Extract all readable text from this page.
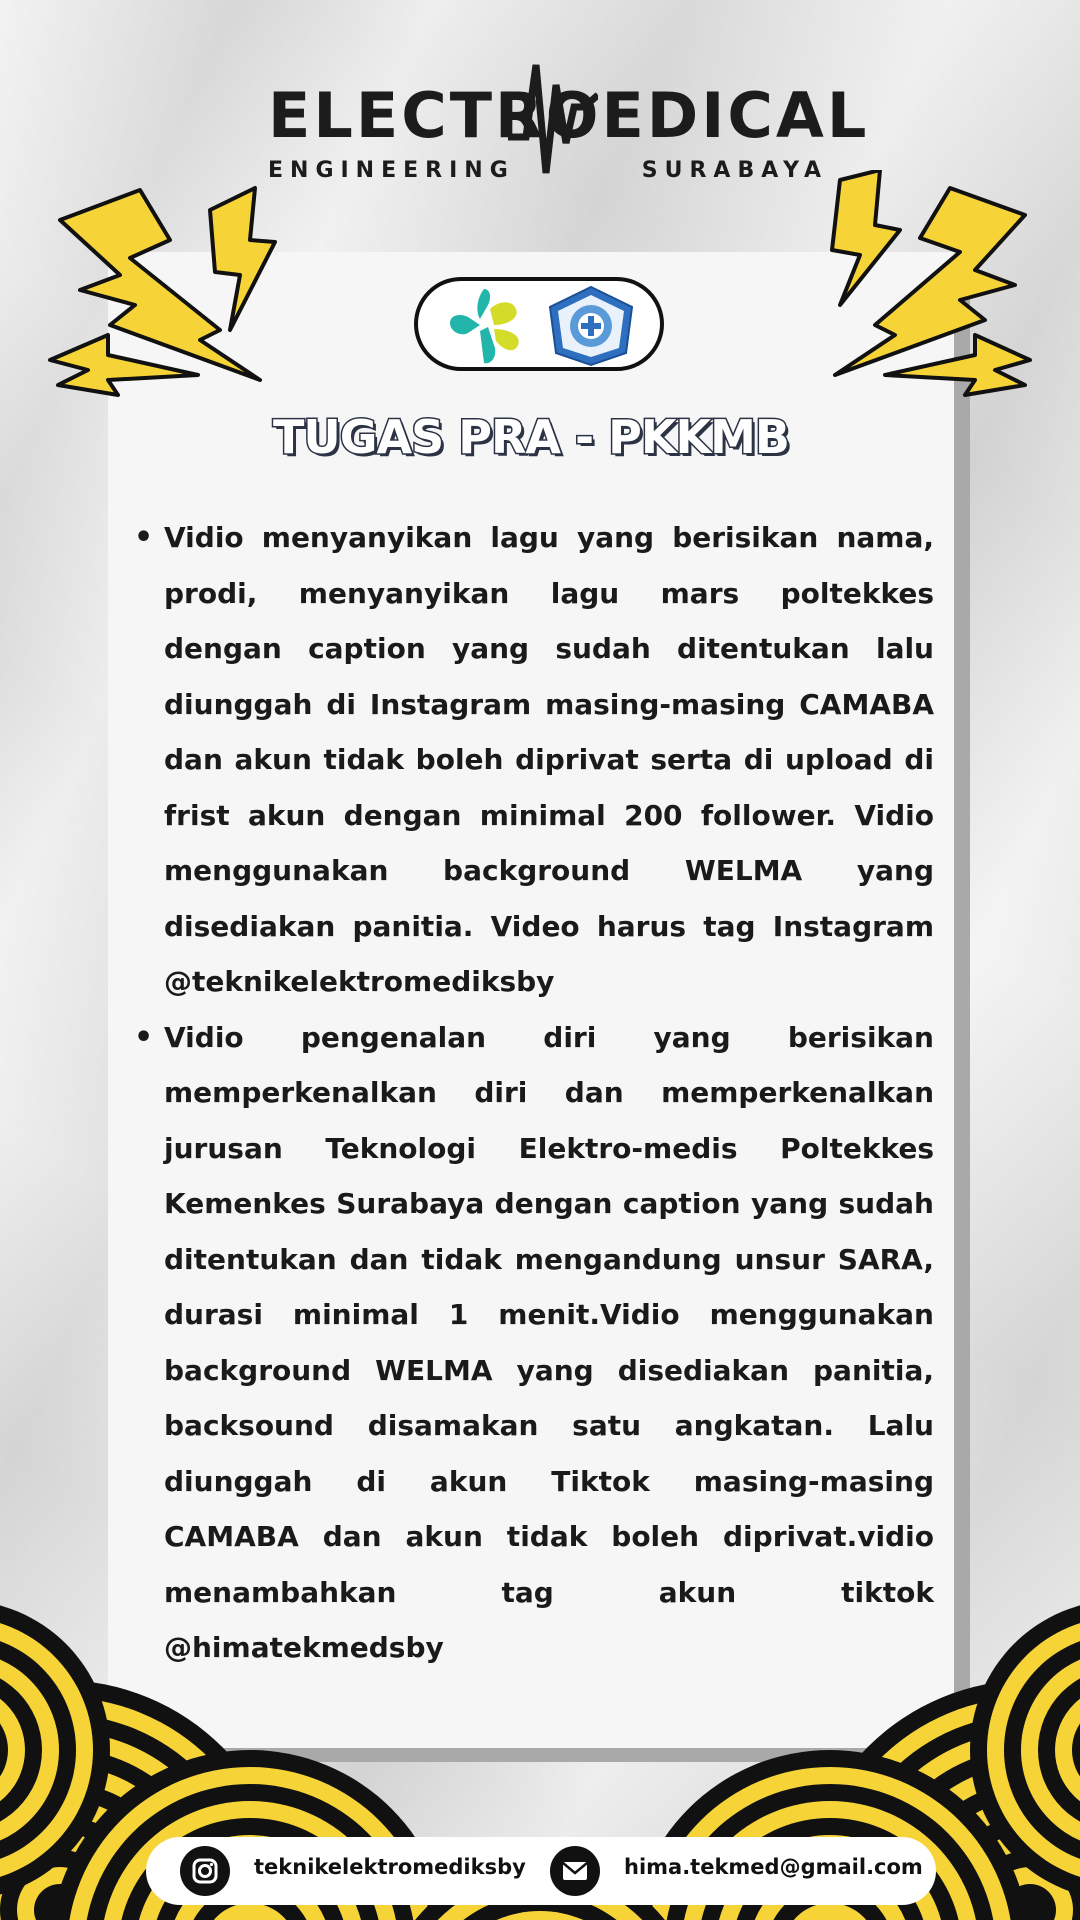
ELECTRO EDICAL
ENGINEERING	SURABAYA
TUGAS PRA - PKKMB
• Vidio menyanyikan lagu yang berisikan nama, prodi, menyanyikan lagu mars poltekkes dengan caption yang sudah ditentukan lalu diunggah di Instagram masing-masing CAMABA dan akun tidak boleh diprivat serta di upload di frist akun dengan minimal 200 follower. Vidio menggunakan background WELMA yang disediakan panitia. Video harus tag Instagram @teknikelektromediksby
• Vidio pengenalan diri yang berisikan memperkenalkan diri dan memperkenalkan jurusan Teknologi Elektro-medis Poltekkes Kemenkes Surabaya dengan caption yang sudah ditentukan dan tidak mengandung unsur SARA, durasi minimal 1 menit.Vidio menggunakan background WELMA yang disediakan panitia, backsound disamakan satu angkatan. Lalu diunggah di akun Tiktok masing-masing CAMABA dan akun tidak boleh diprivat.vidio menambahkan tag akun tiktok @himatekmedsby
teknikelektromediksby	hima.tekmed@gmail.com
